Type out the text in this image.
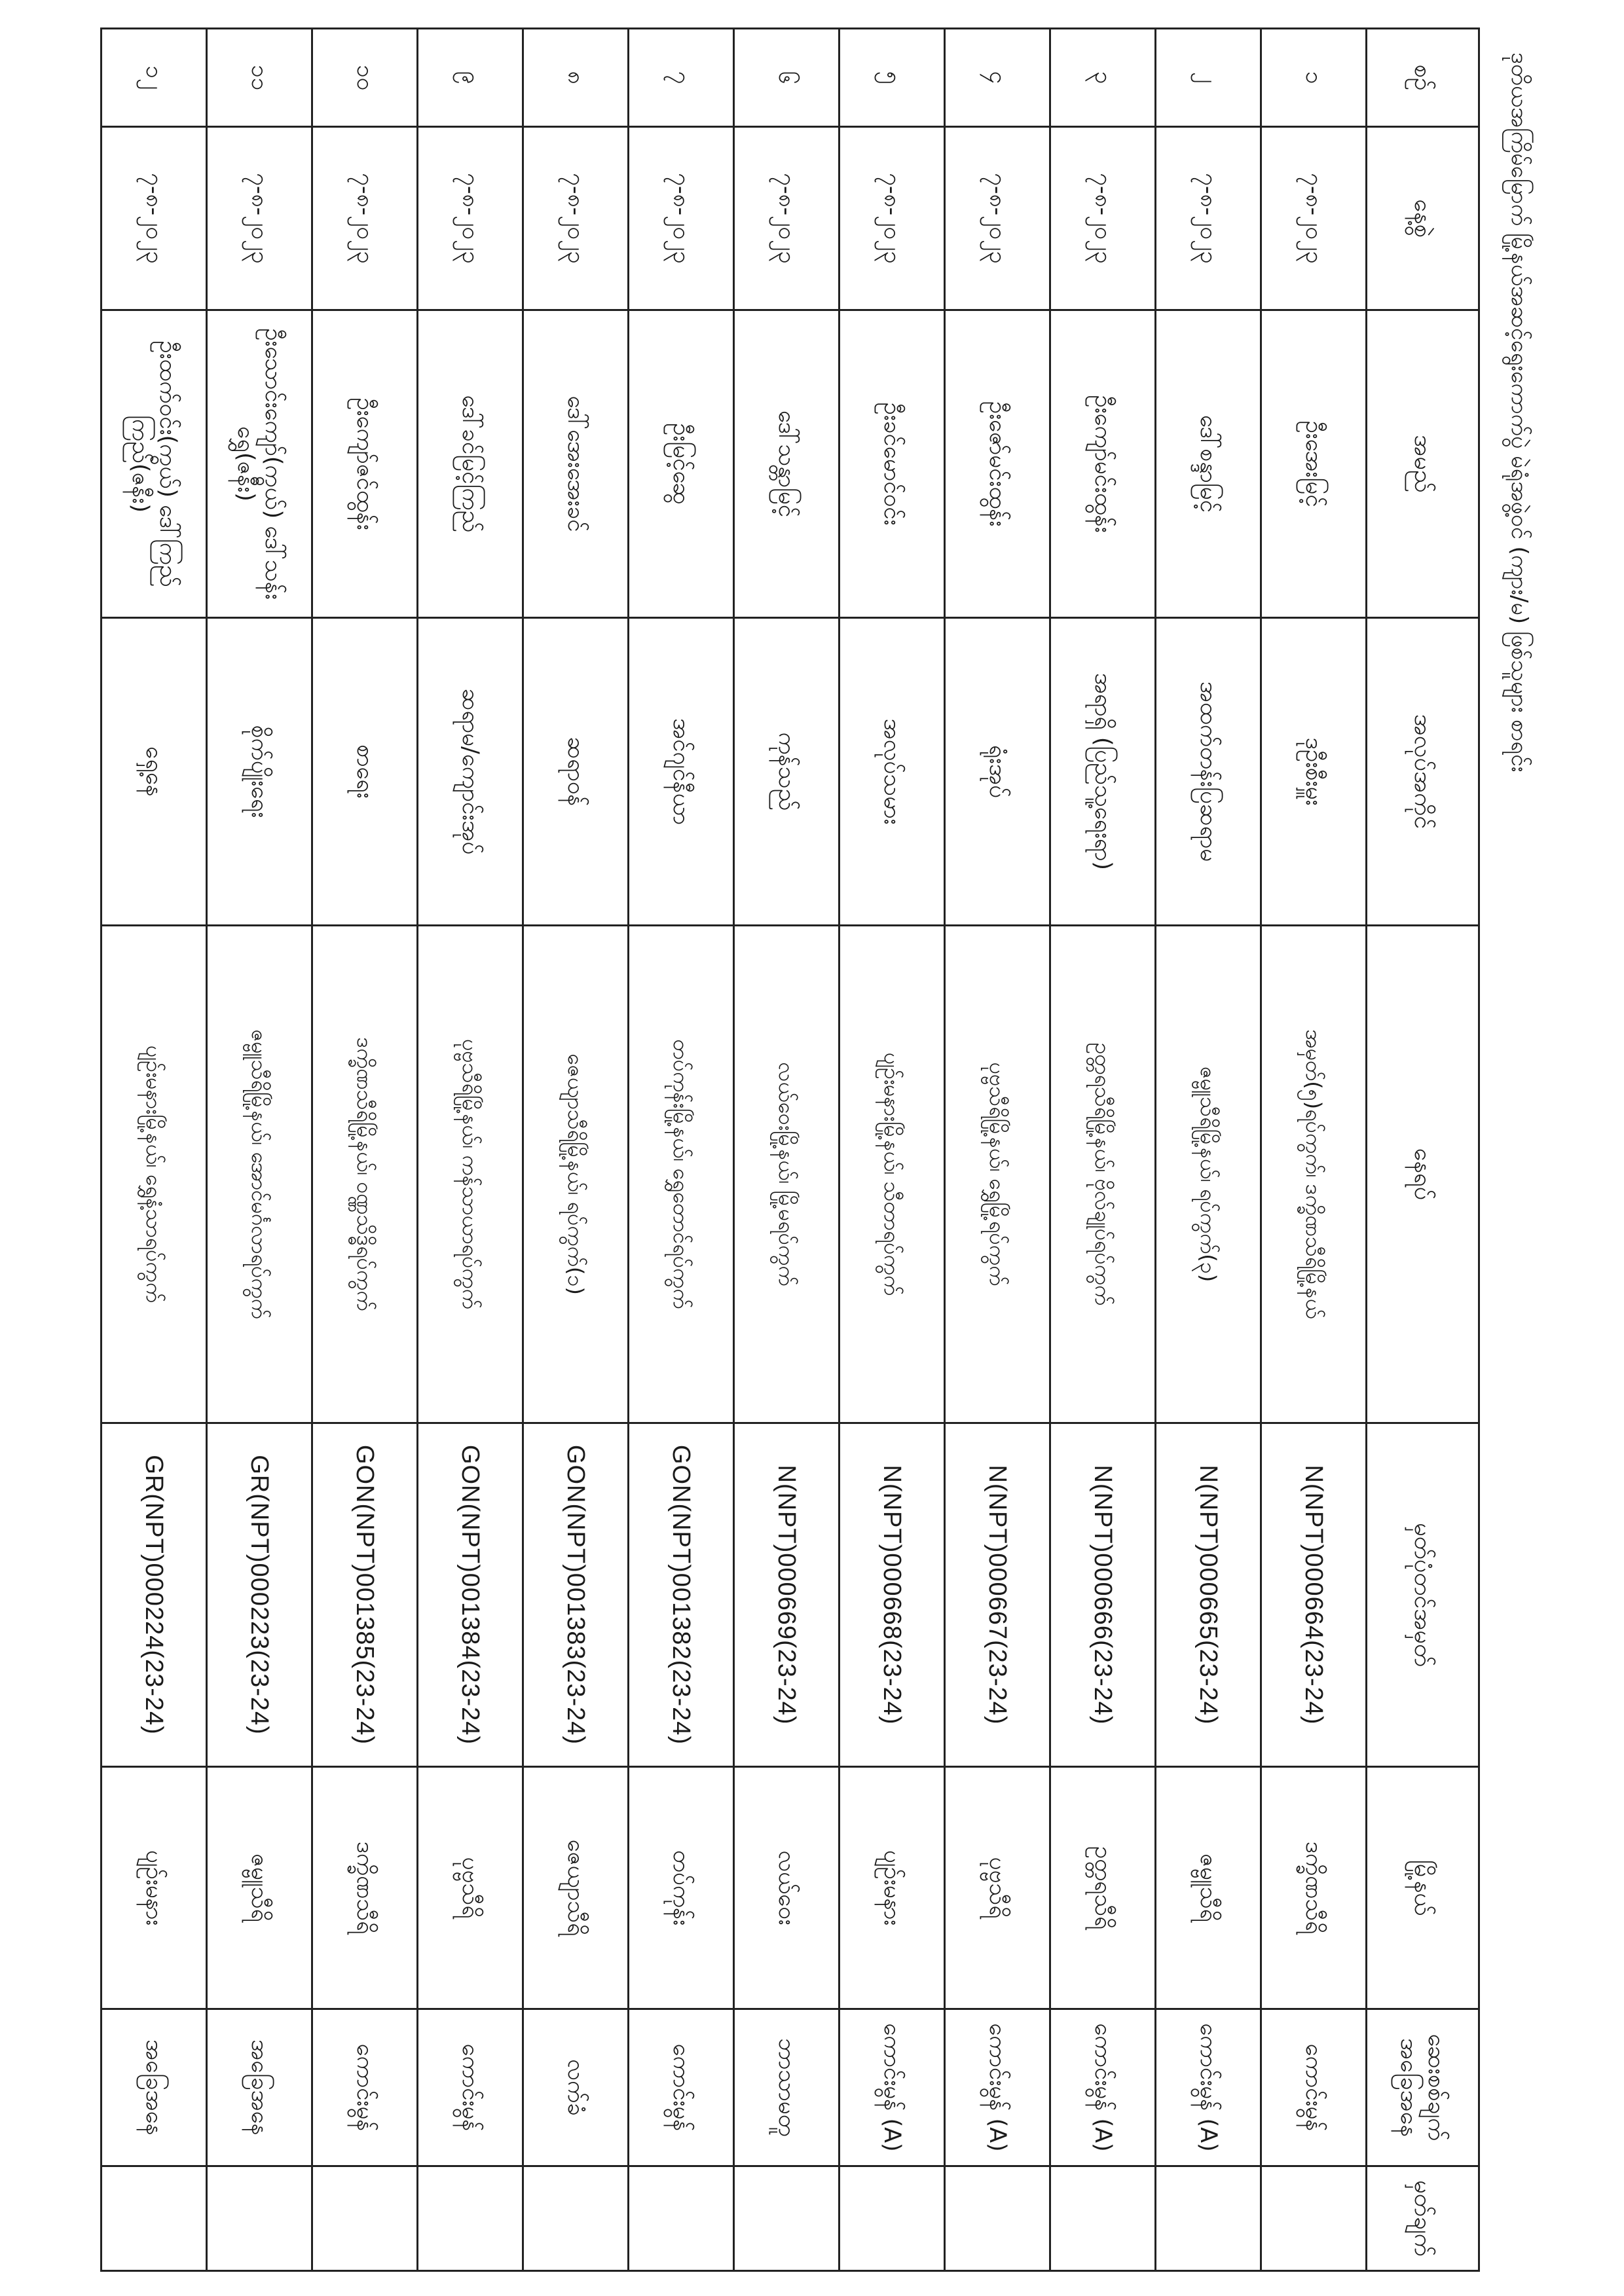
ဒုတိယအကြိမ်မြောက် မြို့နယ်အဆင့်ရွေးကောက်ပွဲ မဲရုံအဖွဲ့ဝင် (ကျား/မ) ဖြစ်သူများ စာရင်း
စဉ်	နေ့စွဲ	အမည်	အလုပ်အကိုင်	နေရပ်	မှတ်ပုံတင်အမှတ်	မြို့နယ်	ဆေးစစ်ချက် အခြေအနေ	မှတ်ချက်

၁	၇-၈-၂၀၂၃	ဦးအေးမြင့်	ဒုဦးစီးမှူး	အမှတ်(၅)ရပ်ကွက်၊ ဒက္ခိဏသီရိမြို့နယ်	N(NPT)000664(23-24)	ဒက္ခိဏသီရိ	ကောင်းမွန်	

၂	၇-၈-၂၀၂၃	ဒေါ်စန္ဒာမြင့်	အထက်တန်းပြဆရာမ	ဇမ္ဗူသီရိမြို့နယ်၊ ရပ်ကွက်(၃)	N(NPT)000665(23-24)	ဇမ္ဗူသီရိ	ကောင်းမွန် (A)	

၃	၇-၈-၂၀၂၃	ဦးကျော်မင်းထွန်း	အရာရှိ (ပြည်သူ့ရေးရာ)	ဥတ္တရသီရိမြို့နယ်၊ ဗိုလ်ချုပ်ရပ်ကွက်	N(NPT)000666(23-24)	ဥတ္တရသီရိ	ကောင်းမွန် (A)	

၄	၇-၈-၂၀၂၃	ဦးဇော်မင်းထွန်း	ရုံးအုပ်	ပုဗ္ဗသီရိမြို့နယ်၊ ရွှေမြို့ရပ်ကွက်	N(NPT)000667(23-24)	ပုဗ္ဗသီရိ	ကောင်းမွန် (A)	

၅	၇-၈-၂၀၂၃	ဦးခင်မောင်ဝင်း	အလုပ်သမား	ပျဉ်းမနားမြို့နယ်၊ သီတာရပ်ကွက်	N(NPT)000668(23-24)	ပျဉ်းမနား	ကောင်းမွန် (A)	

၆	၇-၈-၂၀၂၃	ဒေါ်သန္တာမြင့်	ကုန်သည်	လယ်ဝေးမြို့နယ်၊ မြို့မရပ်ကွက်	N(NPT)000669(23-24)	လယ်ဝေး	ဘာသာမတူ	

၇	၇-၈-၂၀၂၃	ဦးမြင့်ဆွေ	အင်ဂျင်နီယာ	တပ်ကုန်းမြို့နယ်၊ ရွှေတောင်ရပ်ကွက်	GON(NPT)001382(23-24)	တပ်ကုန်း	ကောင်းမွန်	

၈	၇-၈-၂၀၂၃	ဒေါ်အေးအေးခင်	ဆရာဝန်	ဇေယျာသီရိမြို့နယ်၊ ရပ်ကွက်(၁)	GON(NPT)001383(23-24)	ဇေယျာသီရိ	လက်ခံ	

၉	၇-၈-၂၀၂၃	ဒေါ်ခင်မြင့်ကြည်	ဆရာမ/ကျောင်းအုပ်	ပုဗ္ဗသီရိမြို့နယ်၊ ကန်သာယာရပ်ကွက်	GON(NPT)001384(23-24)	ပုဗ္ဗသီရိ	ကောင်းမွန်	

၁၀	၇-၈-၂၀၂၃	ဦးကျော်ဇင်ထွန်း	စာရေး	ဒက္ခိဏသီရိမြို့နယ်၊ ဝဏ္ဏသိဒ္ဓိရပ်ကွက်	GON(NPT)001385(23-24)	ဒက္ခိဏသီရိ	ကောင်းမွန်	

၁၁	၇-၈-၂၀၂၃	ဦးသောင်းကျော်(ကွယ်) ဒေါ်သန်းရွှေ(ဇနီး)	စိုက်ပျိုးရေး	ဇမ္ဗူသီရိမြို့နယ်၊ အောင်မင်္ဂလာရပ်ကွက်	GR(NPT)000223(23-24)	ဇမ္ဗူသီရိ	အခြေအနေ	

၁၂	၇-၈-၂၀၂၃	ဦးထက်ဝင်း(ကွယ်) ဒေါ်ကြည်ကြည်(ဇနီး)	ရှေ့နေ	ပျဉ်းမနားမြို့နယ်၊ ရွှေနံ့သာရပ်ကွက်	GR(NPT)000224(23-24)	ပျဉ်းမနား	အခြေအနေ	
